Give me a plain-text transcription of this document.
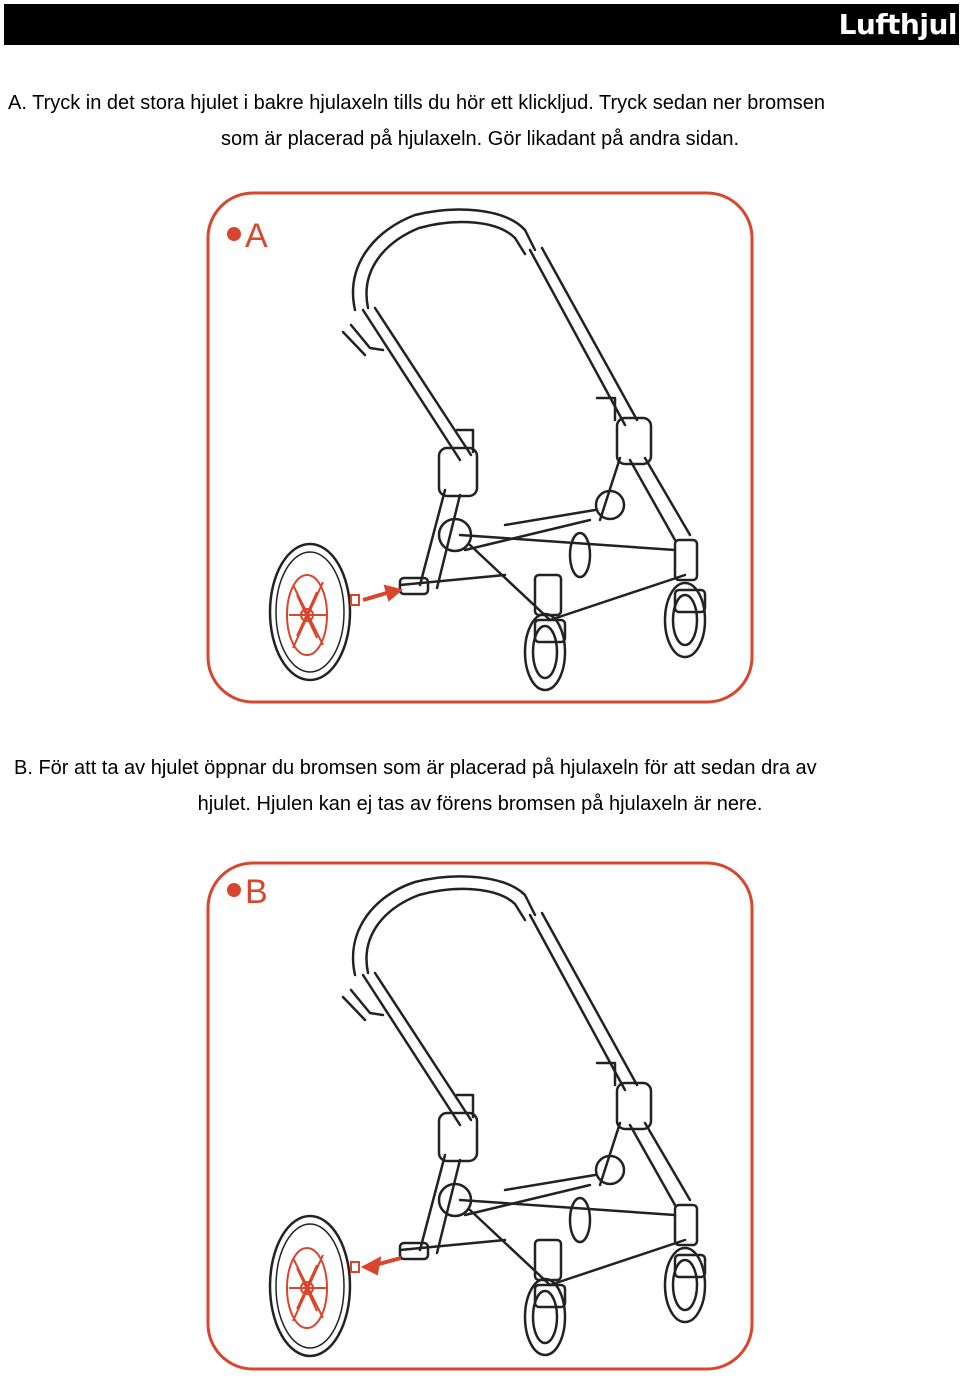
Lufthjul
A. Tryck in det stora hjulet i bakre hjulaxeln tills du hör ett klickljud. Tryck sedan ner bromsen
som är placerad på hjulaxeln. Gör likadant på andra sidan.
A
B. För att ta av hjulet öppnar du bromsen som är placerad på hjulaxeln för att sedan dra av
hjulet. Hjulen kan ej tas av förens bromsen på hjulaxeln är nere.
B
